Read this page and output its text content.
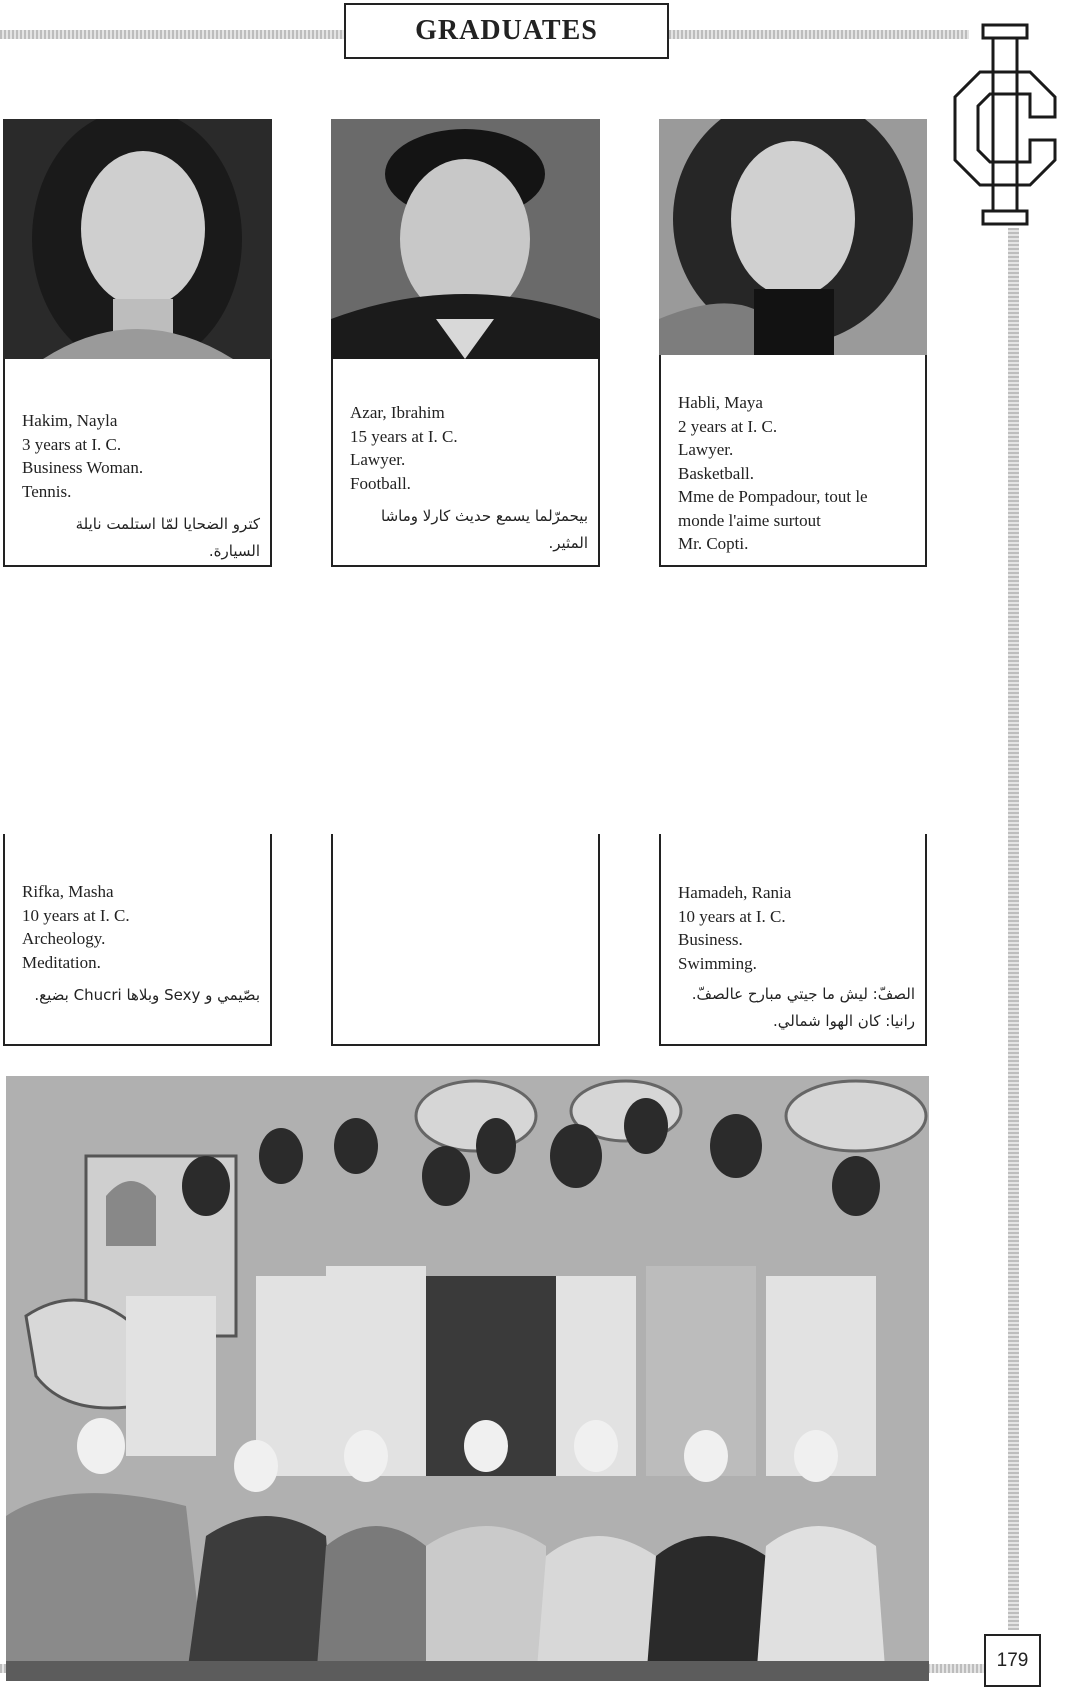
GRADUATES
Hakim, Nayla
3 years at I. C.
Business Woman.
Tennis.
كترو الضحايا لمّا استلمت نايلة السيارة.
Azar, Ibrahim
15 years at I. C.
Lawyer.
Football.
بيحمرّلما يسمع حديث كارلا وماشا المثير.
Habli, Maya
2 years at I. C.
Lawyer.
Basketball.
Mme de Pompadour, tout le
monde l'aime surtout
Mr. Copti.
Rifka, Masha
10 years at I. C.
Archeology.
Meditation.
بصّيمي و Sexy وبلاها Chucri بضيع.
Hamadeh, Rania
10 years at I. C.
Business.
Swimming.
الصفّ: ليش ما جيتي مبارح عالصفّ.
رانيا: كان الهوا شمالي.
179
